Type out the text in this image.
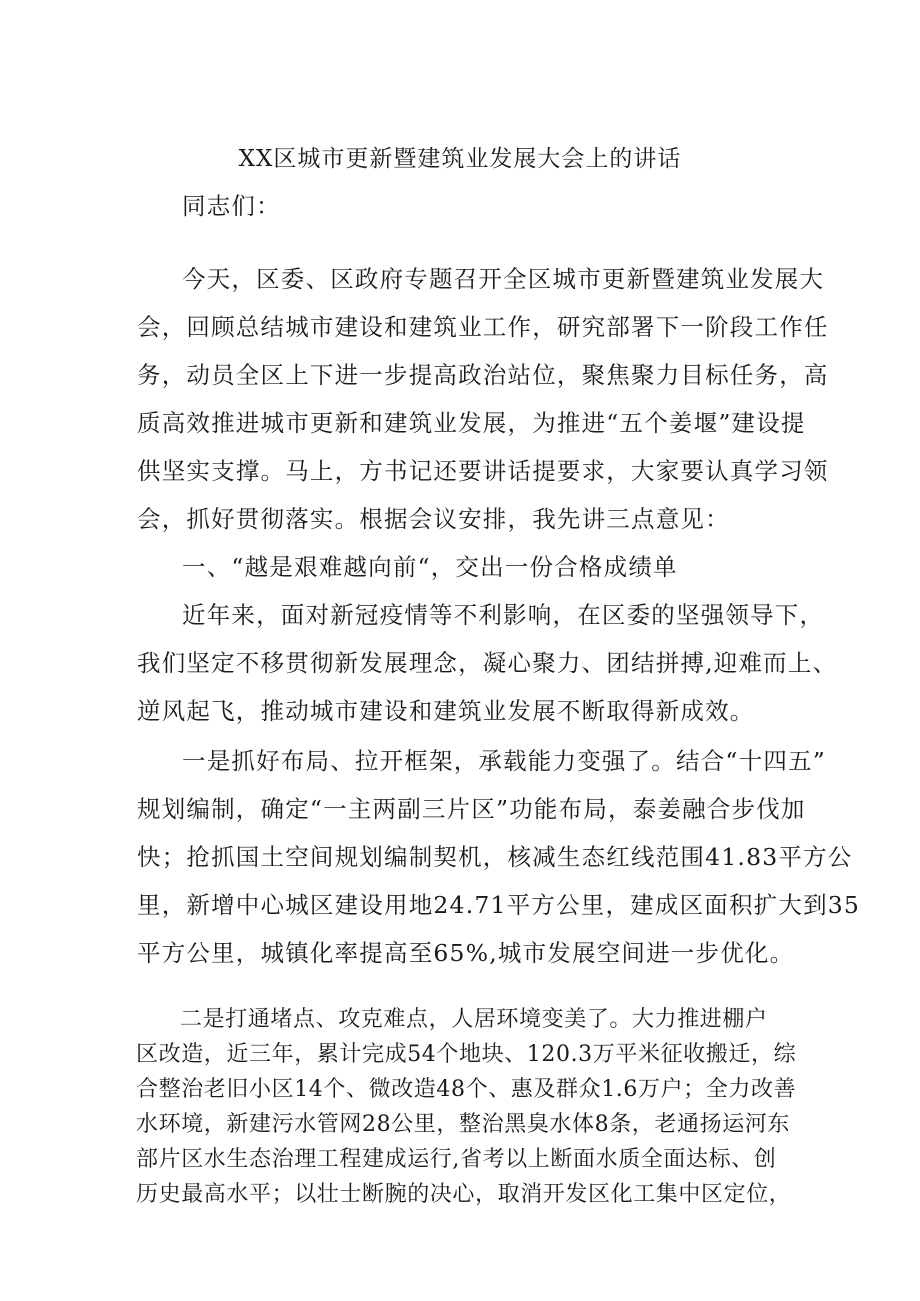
XX区城市更新暨建筑业发展大会上的讲话
同志们：
今天，区委、区政府专题召开全区城市更新暨建筑业发展大
会，回顾总结城市建设和建筑业工作，研究部署下一阶段工作任
务，动员全区上下进一步提高政治站位，聚焦聚力目标任务，高
质高效推进城市更新和建筑业发展，为推进“五个姜堰”建设提
供坚实支撑。马上，方书记还要讲话提要求，大家要认真学习领
会，抓好贯彻落实。根据会议安排，我先讲三点意见：
一、“越是艰难越向前“，交出一份合格成绩单
近年来，面对新冠疫情等不利影响，在区委的坚强领导下，
我们坚定不移贯彻新发展理念，凝心聚力、团结拼搏,迎难而上、
逆风起飞，推动城市建设和建筑业发展不断取得新成效。
一是抓好布局、拉开框架，承载能力变强了。结合“十四五”
规划编制，确定“一主两副三片区”功能布局，泰姜融合步伐加
快；抢抓国土空间规划编制契机，核减生态红线范围41.83平方公
里，新增中心城区建设用地24.71平方公里，建成区面积扩大到35
平方公里，城镇化率提高至65%,城市发展空间进一步优化。
二是打通堵点、攻克难点，人居环境变美了。大力推进棚户
区改造，近三年，累计完成54个地块、120.3万平米征收搬迁，综
合整治老旧小区14个、微改造48个、惠及群众1.6万户；全力改善
水环境，新建污水管网28公里，整治黑臭水体8条，老通扬运河东
部片区水生态治理工程建成运行,省考以上断面水质全面达标、创
历史最高水平；以壮士断腕的决心，取消开发区化工集中区定位，
